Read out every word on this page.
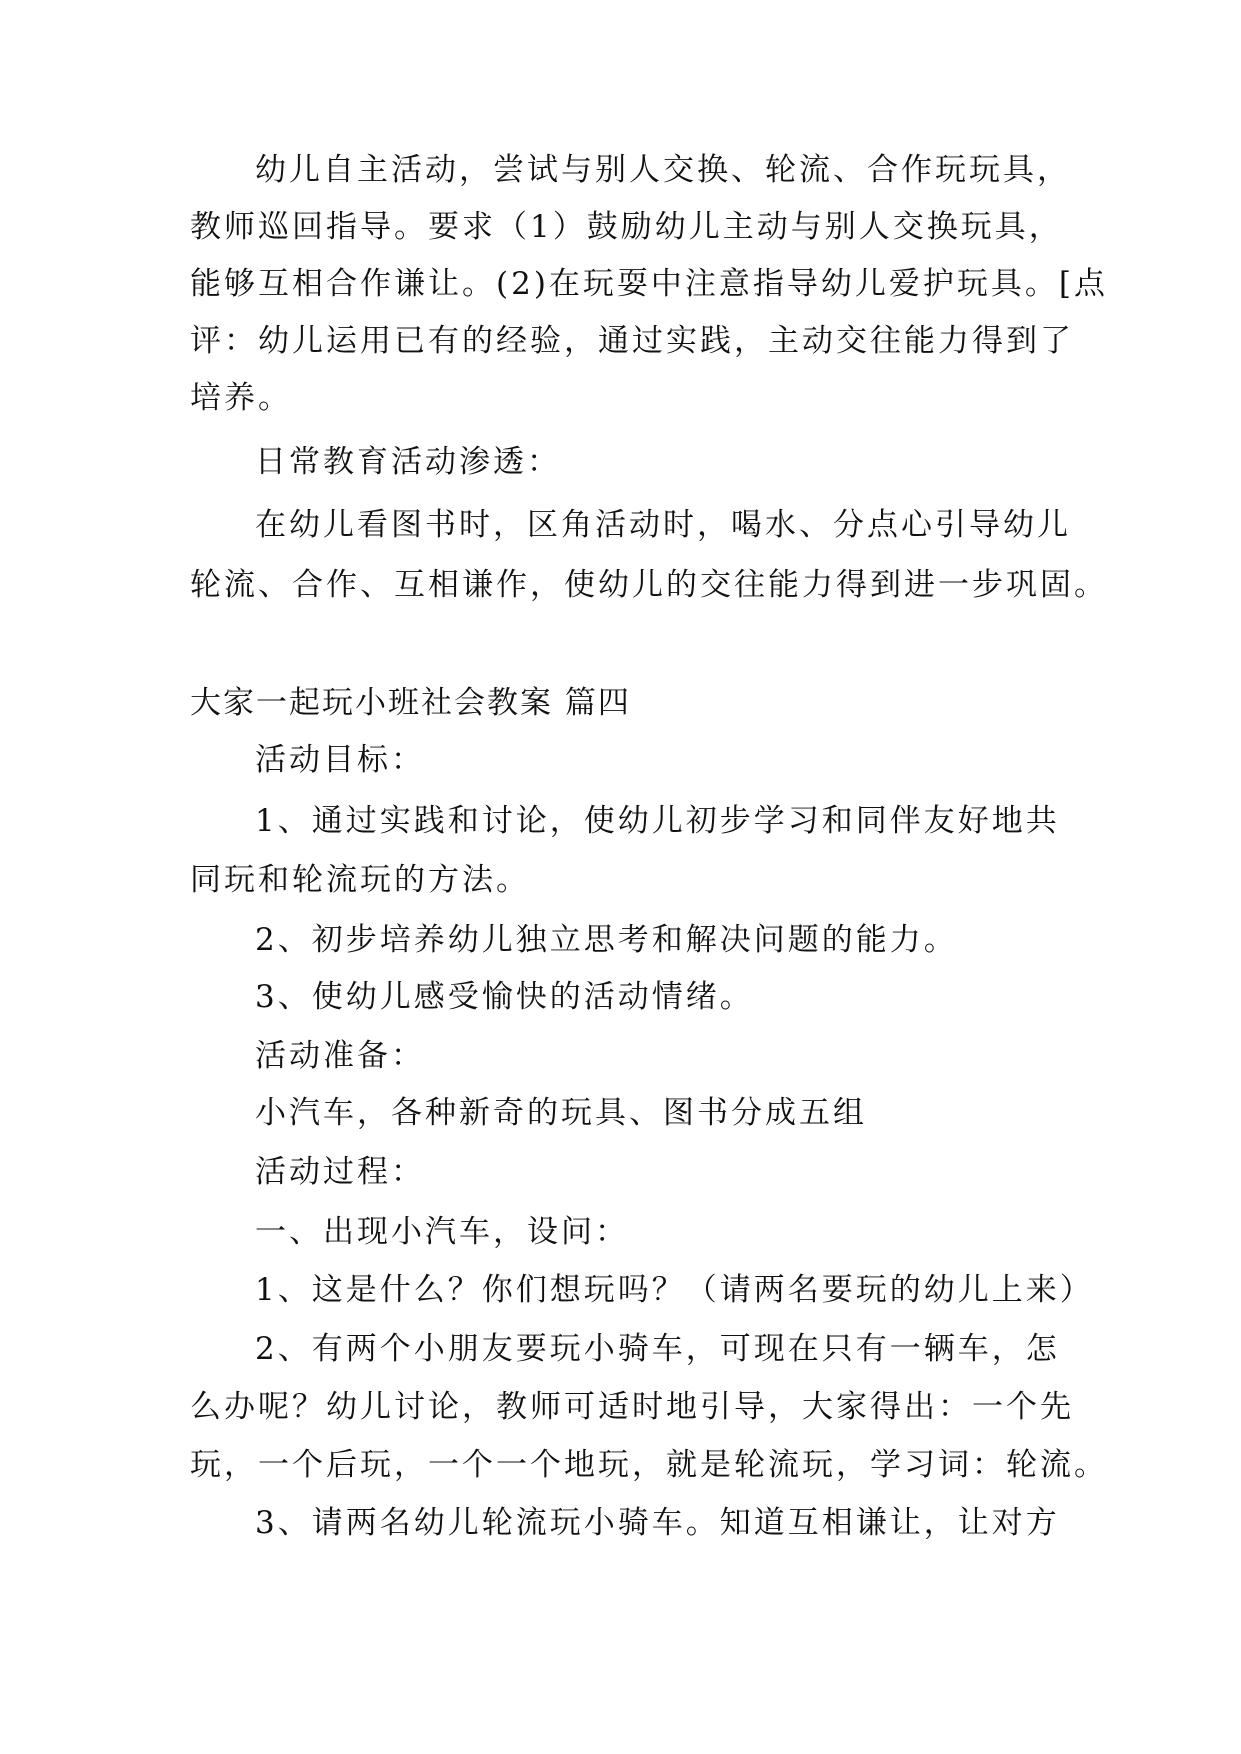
幼儿自主活动，尝试与别人交换、轮流、合作玩玩具，
教师巡回指导。要求（1）鼓励幼儿主动与别人交换玩具，
能够互相合作谦让。(2)在玩耍中注意指导幼儿爱护玩具。[点
评：幼儿运用已有的经验，通过实践，主动交往能力得到了
培养。
日常教育活动渗透：
在幼儿看图书时，区角活动时，喝水、分点心引导幼儿
轮流、合作、互相谦作，使幼儿的交往能力得到进一步巩固。
大家一起玩小班社会教案 篇四
活动目标：
1、通过实践和讨论，使幼儿初步学习和同伴友好地共
同玩和轮流玩的方法。
2、初步培养幼儿独立思考和解决问题的能力。
3、使幼儿感受愉快的活动情绪。
活动准备：
小汽车，各种新奇的玩具、图书分成五组
活动过程：
一、出现小汽车，设问：
1、这是什么？你们想玩吗？（请两名要玩的幼儿上来）
2、有两个小朋友要玩小骑车，可现在只有一辆车，怎
么办呢？幼儿讨论，教师可适时地引导，大家得出：一个先
玩，一个后玩，一个一个地玩，就是轮流玩，学习词：轮流。
3、请两名幼儿轮流玩小骑车。知道互相谦让，让对方
